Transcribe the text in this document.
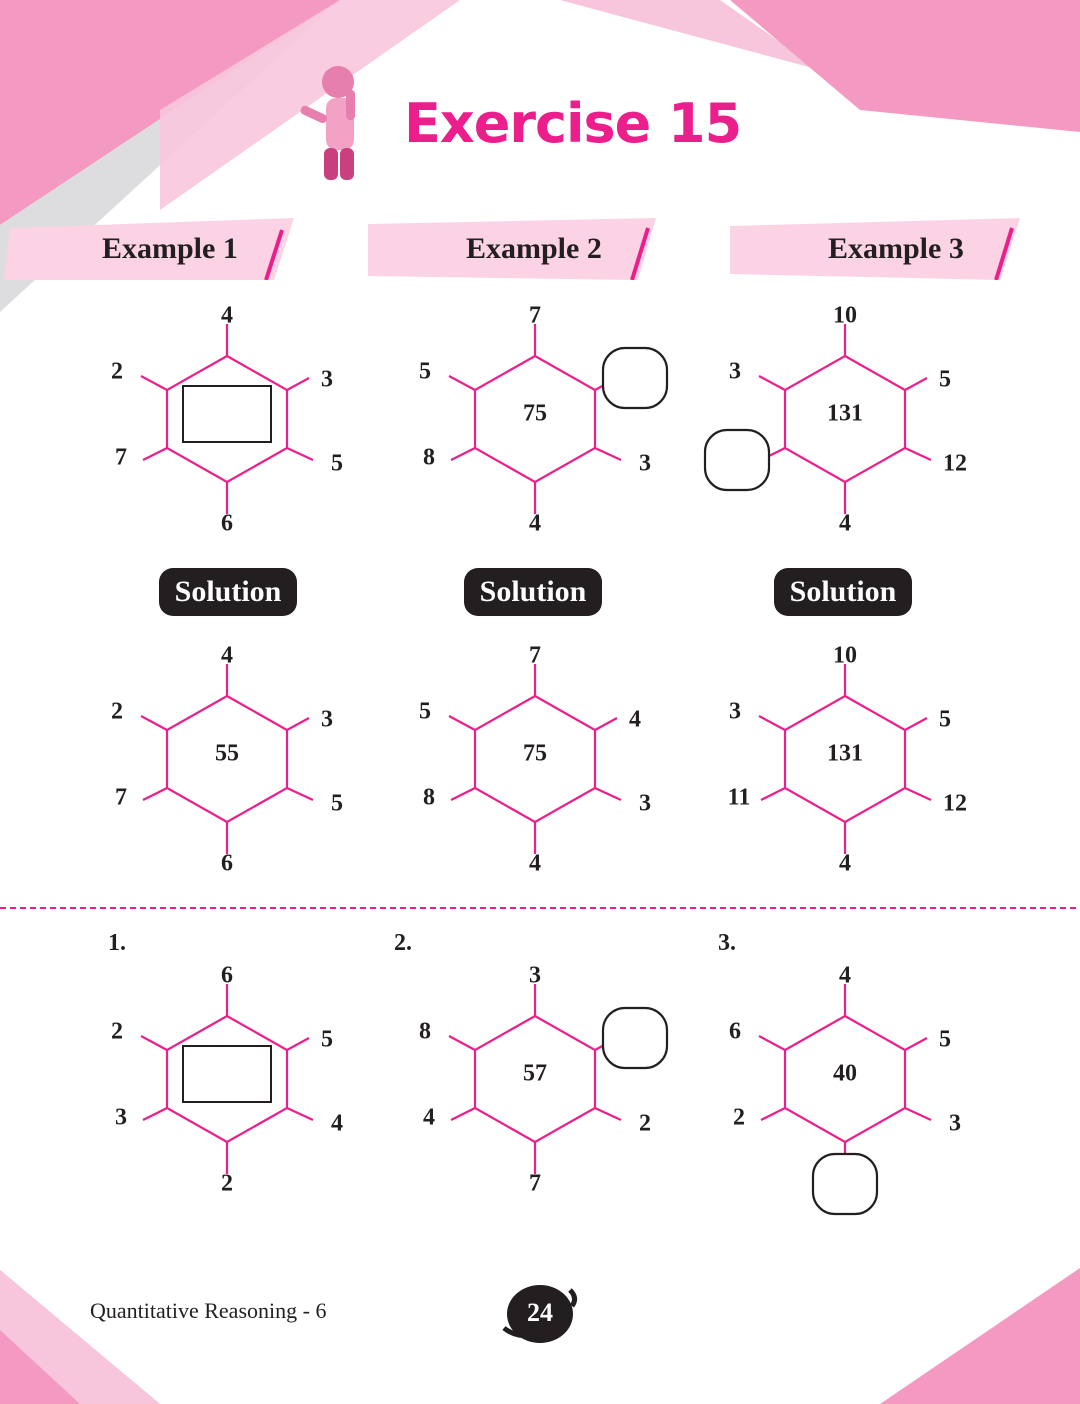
Exercise 15
Example 1	Example 2	Example 3
Solution	Solution	Solution
1.	2.	3.
4
3
5
6
7
2
75
7
3
4
8
5
131
10
5
12
4
3
55
4
3
5
6
7
2
75
7
4
3
4
8
5
131
10
5
12
4
11
3
6
5
4
2
3
2
57
3
2
7
4
8
40
4
5
3
2
6
Quantitative Reasoning - 6	24
